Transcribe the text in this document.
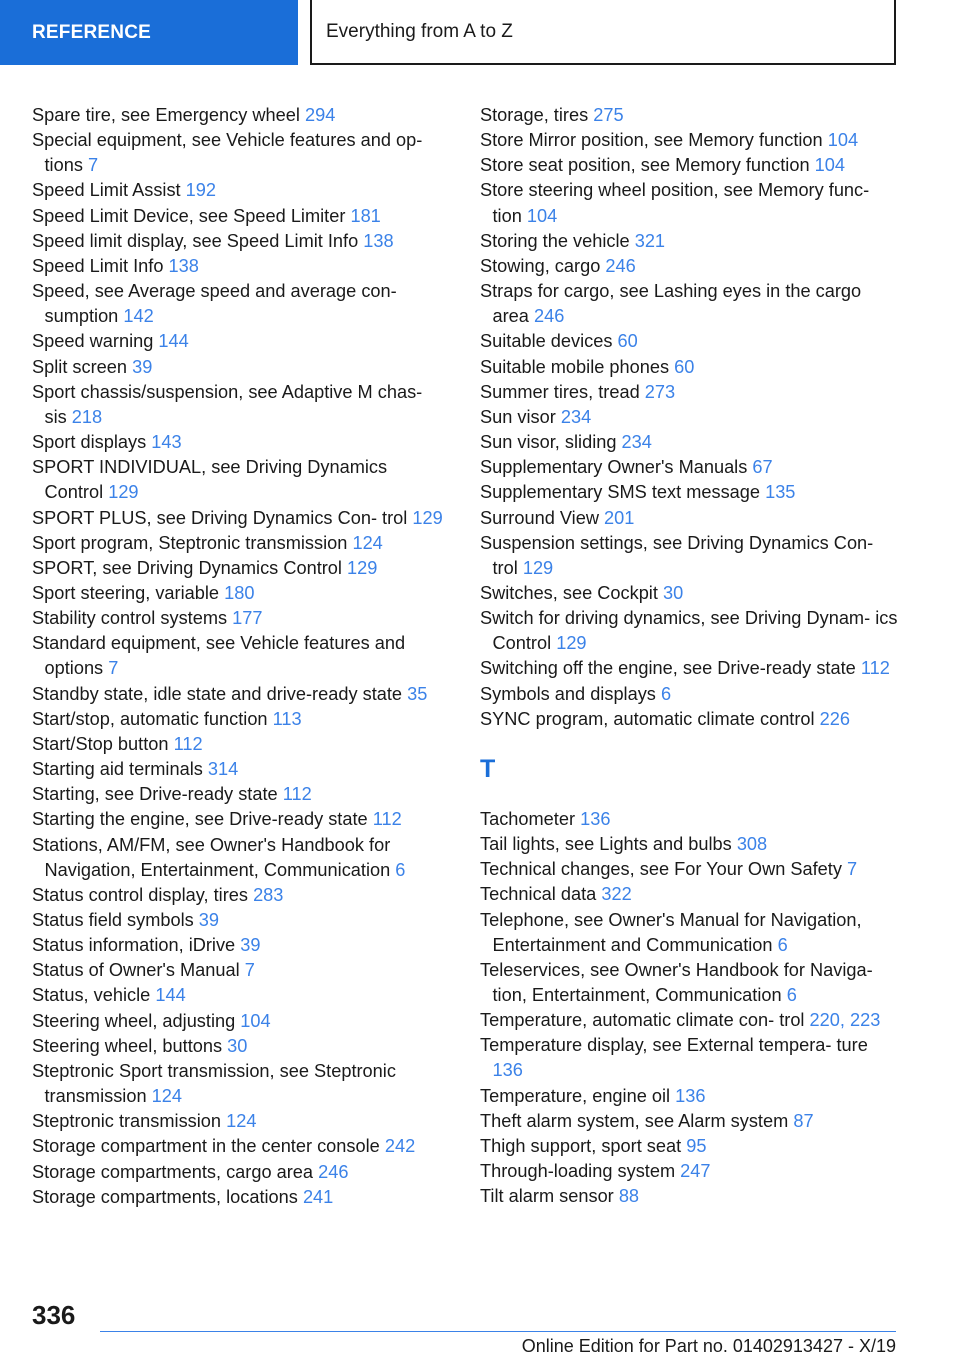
REFERENCE	Everything from A to Z
Spare tire, see Emergency wheel 294
Special equipment, see Vehicle features and op- tions 7
Speed Limit Assist 192
Speed Limit Device, see Speed Limiter 181
Speed limit display, see Speed Limit Info 138
Speed Limit Info 138
Speed, see Average speed and average con- sumption 142
Speed warning 144
Split screen 39
Sport chassis/suspension, see Adaptive M chas- sis 218
Sport displays 143
SPORT INDIVIDUAL, see Driving Dynamics Control 129
SPORT PLUS, see Driving Dynamics Con- trol 129
Sport program, Steptronic transmission 124
SPORT, see Driving Dynamics Control 129
Sport steering, variable 180
Stability control systems 177
Standard equipment, see Vehicle features and options 7
Standby state, idle state and drive-ready state 35
Start/stop, automatic function 113
Start/Stop button 112
Starting aid terminals 314
Starting, see Drive-ready state 112
Starting the engine, see Drive-ready state 112
Stations, AM/FM, see Owner's Handbook for Navigation, Entertainment, Communication 6
Status control display, tires 283
Status field symbols 39
Status information, iDrive 39
Status of Owner's Manual 7
Status, vehicle 144
Steering wheel, adjusting 104
Steering wheel, buttons 30
Steptronic Sport transmission, see Steptronic transmission 124
Steptronic transmission 124
Storage compartment in the center console 242
Storage compartments, cargo area 246
Storage compartments, locations 241
Storage, tires 275
Store Mirror position, see Memory function 104
Store seat position, see Memory function 104
Store steering wheel position, see Memory func- tion 104
Storing the vehicle 321
Stowing, cargo 246
Straps for cargo, see Lashing eyes in the cargo area 246
Suitable devices 60
Suitable mobile phones 60
Summer tires, tread 273
Sun visor 234
Sun visor, sliding 234
Supplementary Owner's Manuals 67
Supplementary SMS text message 135
Surround View 201
Suspension settings, see Driving Dynamics Con- trol 129
Switches, see Cockpit 30
Switch for driving dynamics, see Driving Dynam- ics Control 129
Switching off the engine, see Drive-ready state 112
Symbols and displays 6
SYNC program, automatic climate control 226
T
Tachometer 136
Tail lights, see Lights and bulbs 308
Technical changes, see For Your Own Safety 7
Technical data 322
Telephone, see Owner's Manual for Navigation, Entertainment and Communication 6
Teleservices, see Owner's Handbook for Naviga- tion, Entertainment, Communication 6
Temperature, automatic climate con- trol 220, 223
Temperature display, see External tempera- ture 136
Temperature, engine oil 136
Theft alarm system, see Alarm system 87
Thigh support, sport seat 95
Through-loading system 247
Tilt alarm sensor 88
336
Online Edition for Part no. 01402913427 - X/19
